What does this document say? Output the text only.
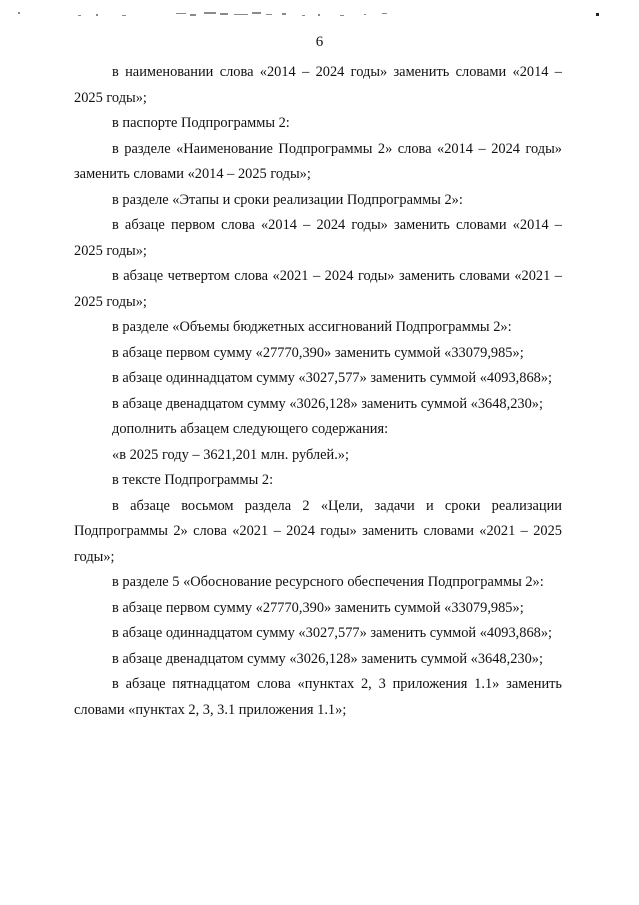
6

в наименовании слова «2014 – 2024 годы» заменить словами «2014 – 2025 годы»;

в паспорте Подпрограммы 2:

в разделе «Наименование Подпрограммы 2» слова «2014 – 2024 годы» заменить словами «2014 – 2025 годы»;

в разделе «Этапы и сроки реализации Подпрограммы 2»:

в абзаце первом слова «2014 – 2024 годы» заменить словами «2014 – 2025 годы»;

в абзаце четвертом слова «2021 – 2024 годы» заменить словами «2021 – 2025 годы»;

в разделе «Объемы бюджетных ассигнований Подпрограммы 2»:

в абзаце первом сумму «27770,390» заменить суммой «33079,985»;

в абзаце одиннадцатом сумму «3027,577» заменить суммой «4093,868»;

в абзаце двенадцатом сумму «3026,128» заменить суммой «3648,230»;

дополнить абзацем следующего содержания:

«в 2025 году – 3621,201 млн. рублей.»;

в тексте Подпрограммы 2:

в абзаце восьмом раздела 2 «Цели, задачи и сроки реализации Подпрограммы 2» слова «2021 – 2024 годы» заменить словами «2021 – 2025 годы»;

в разделе 5 «Обоснование ресурсного обеспечения Подпрограммы 2»:

в абзаце первом сумму «27770,390» заменить суммой «33079,985»;

в абзаце одиннадцатом сумму «3027,577» заменить суммой «4093,868»;

в абзаце двенадцатом сумму «3026,128» заменить суммой «3648,230»;

в абзаце пятнадцатом слова «пунктах 2, 3 приложения 1.1» заменить словами «пунктах 2, 3, 3.1 приложения 1.1»;
